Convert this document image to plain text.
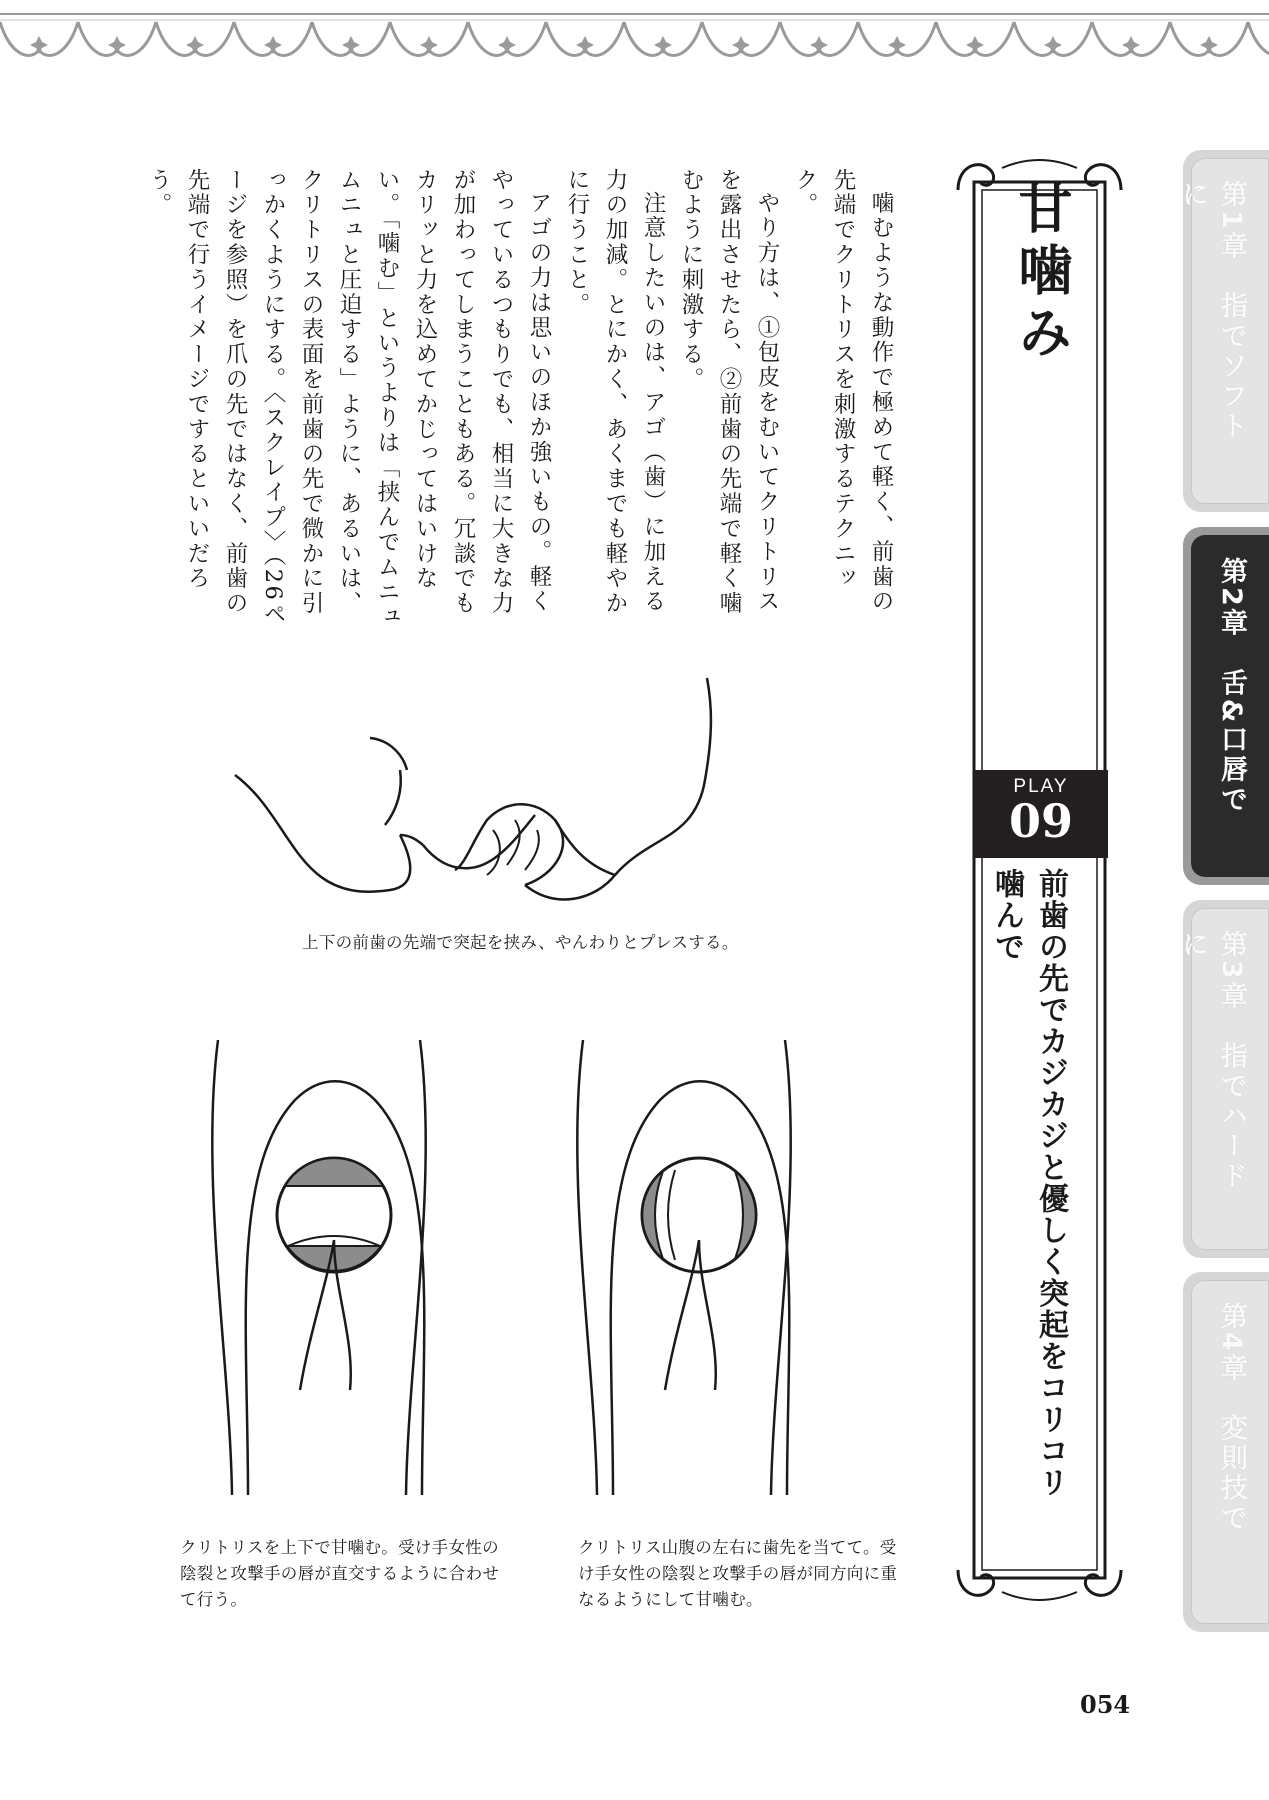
噛むような動作で極めて軽く、前歯の先端でクリトリスを刺激するテクニック。

やり方は、①包皮をむいてクリトリスを露出させたら、②前歯の先端で軽く噛むように刺激する。

注意したいのは、アゴ（歯）に加える力の加減。とにかく、あくまでも軽やかに行うこと。

アゴの力は思いのほか強いもの。軽くやっているつもりでも、相当に大きな力が加わってしまうこともある。冗談でもカリッと力を込めてかじってはいけない。「噛む」というよりは「挟んでムニュムニュと圧迫する」ように、あるいは、クリトリスの表面を前歯の先で微かに引っかくようにする。〈スクレイプ〉（26ページを参照）を爪の先ではなく、前歯の先端で行うイメージでするといいだろう。	甘噛み
PLAY
09
前歯の先でカジカジと優しく突起をコリコリ噛んで
第1章　指でソフトに
第2章　舌&口唇で
第3章　指でハードに
第4章　変則技で
上下の前歯の先端で突起を挟み、やんわりとプレスする。
クリトリスを上下で甘噛む。受け手女性の陰裂と攻撃手の唇が直交するように合わせて行う。
クリトリス山腹の左右に歯先を当てて。受け手女性の陰裂と攻撃手の唇が同方向に重なるようにして甘噛む。
054
